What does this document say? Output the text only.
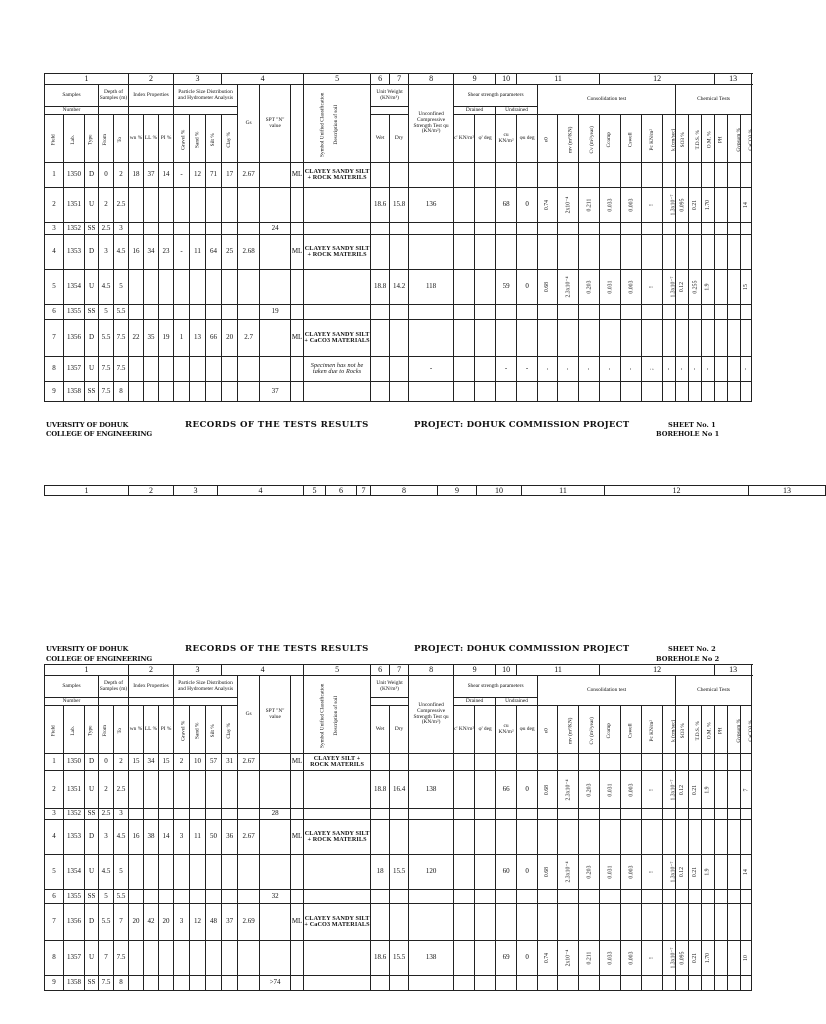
1					2			3			4				5	6	7	8	9		10	11				12							13		
Samples			Depth of Samples (m)		Index Properties			Particle Size Distribution and Hydrometer Analysis				Gs	SPT "N" value	Symbol Unified Classification	Description of soil	Unit Weight (KN/m³)		Unconfined Compressive Strength Test qu (KN/m²)	Shear strength parameters				Consolidation test							Chemical Tests					
Number																			Drained		Undrained														
Field	Lab.	Type	From	To	wn %	LL %	PI %	Gravel %	Sand %	Silt %	Clay %					Wet	Dry		c' KN/m²	φ' deg	cu KN/m²	φu deg	e0	mv (m²/KN)	Cv (m²/year)	Ccomp	Cswell	Pc KN/m²	k (cm/sec)	SO3 %	T.D.S. %	O.M. %	PH	Gypsum %	CaCO3 %
1	1350	D	0	2	18	37	14	-	12	71	17	2.67		ML	CLAYEY SANDY SILT + ROCK MATERILS																				
2	1351	U	2	2.5												18.6	15.8	136			68	0	0.74	2x10⁻⁴	0.211	0.033	0.003	!	1.3x10⁻⁷	0.095	0.21	1.70			14
3	1352	SS	2.5	3									24																						
4	1353	D	3	4.5	16	34	23	-	11	64	25	2.68		ML	CLAYEY SANDY SILT + ROCK MATERILS																				
5	1354	U	4.5	5												18.8	14.2	118			59	0	0.68	2.3x10⁻⁴	0.203	0.031	0.003	!	1.3x10⁻⁷	0.12	0.255	1.9			15
6	1355	SS	5	5.5									19																						
7	1356	D	5.5	7.5	22	35	19	1	13	66	20	2.7		ML	CLAYEY SANDY SILT + CaCO3 MATERIALS																				
8	1357	U	7.5	7.5											Specimen has not be taken due to Rocks			-			-	-	-	-	-	-	-	;	-	-	-	-			-
9	1358	SS	7.5	8									37																						
UVERSITY OF DOHUK
COLLEGE OF ENGINEERING
RECORDS OF THE TESTS RESULTS	PROJECT: DOHUK COMMISSION PROJECT	SHEET No. 1
BOREHOLE No 1
1	2	3	4	5	6	7	8	9	10	11	12	13
UVERSITY OF DOHUK
COLLEGE OF ENGINEERING
RECORDS OF THE TESTS RESULTS	PROJECT: DOHUK COMMISSION PROJECT	SHEET No. 2
BOREHOLE No 2
1					2			3			4				5	6	7	8	9		10	11				12							13		
Samples			Depth of Samples (m)		Index Properties			Particle Size Distribution and Hydrometer Analysis				Gs	SPT "N" value	Symbol Unified Classification	Description of soil	Unit Weight (KN/m³)		Unconfined Compressive Strength Test qu (KN/m²)	Shear strength parameters				Consolidation test							Chemical Tests					
Number																			Drained		Undrained														
Field	Lab.	Type	From	To	wn %	LL %	PI %	Gravel %	Sand %	Silt %	Clay %					Wet	Dry		c' KN/m²	φ' deg	cu KN/m²	φu deg	e0	mv (m²/KN)	Cv (m²/year)	Ccomp	Cswell	Pc KN/m²	k (cm/sec)	SO3 %	T.D.S. %	O.M. %	PH	Gypsum %	CaCO3 %
1	1350	D	0	2	15	34	15	2	10	57	31	2.67		ML	CLAYEY SILT + ROCK MATERILS																				
2	1351	U	2	2.5												18.8	16.4	138			66	0	0.68	2.3x10⁻⁴	0.203	0.031	0.003	!	1.3x10⁻⁷	0.12	0.21	1.9			7
3	1352	SS	2.5	3									28																						
4	1353	D	3	4.5	16	38	14	3	11	50	36	2.67		ML	CLAYEY SANDY SILT + ROCK MATERILS																				
5	1354	U	4.5	5												18	15.5	120			60	0	0.68	2.3x10⁻⁴	0.203	0.031	0.003	!	1.3x10⁻⁷	0.12	0.21	1.9			14
6	1355	SS	5	5.5									32																						
7	1356	D	5.5	7	20	42	20	3	12	48	37	2.69		ML	CLAYEY SANDY SILT + CaCO3 MATERIALS																				
8	1357	U	7	7.5												18.6	15.5	138			69	0	0.74	2x10⁻⁴	0.211	0.033	0.003	!	1.3x10⁻⁷	0.095	0.21	1.70			10
9	1358	SS	7.5	8									>74																						
